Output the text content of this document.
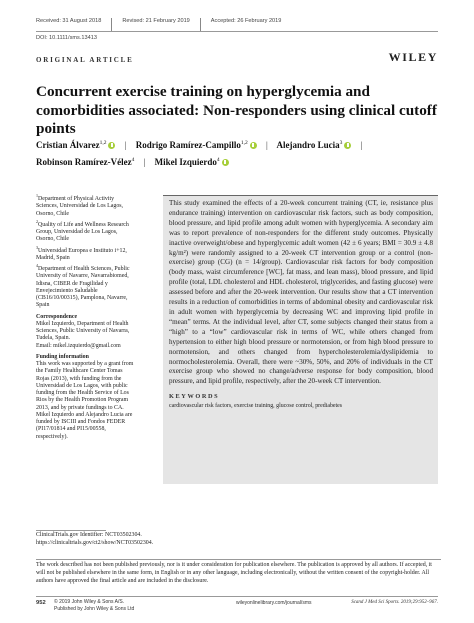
Received: 31 August 2018	Revised: 21 February 2019	Accepted: 26 February 2019
DOI: 10.1111/sms.13413
ORIGINAL ARTICLE	WILEY
Concurrent exercise training on hyperglycemia and comorbidities associated: Non-responders using clinical cutoff points
Cristian Álvarez$^{1,2}$ | Rodrigo Ramírez-Campillo$^{1,2}$ | Alejandro Lucia$^3$ |
Robinson Ramírez-Vélez$^4$ | Mikel Izquierdo$^4$

$^1$Department of Physical Activity Sciences, Universidad de Los Lagos, Osorno, Chile

$^2$Quality of Life and Wellness Research Group, Universidad de Los Lagos, Osorno, Chile

$^3$Universidad Europea e Instituto i+12, Madrid, Spain

$^4$Department of Health Sciences, Public University of Navarre, Navarrabiomed, Idisna, CIBER de Fragilidad y Envejecimiento Saludable (CB16/10/00315), Pamplona, Navarre, Spain

Correspondence

Mikel Izquierdo, Department of Health Sciences, Public University of Navarra, Tudela, Spain.
Email: mikel.izquierdo@gmail.com

Funding information

This work was supported by a grant from the Family Healthcare Center Tomas Rojas (2013), with funding from the Universidad de Los Lagos, with public funding from the Health Service of Los Rios by the Health Promotion Program 2013, and by private fundings to CA. Mikel Izquierdo and Alejandro Lucia are funded by ISCIII and Fondos FEDER (PI17/01814 and PI15/00558, respectively).

This study examined the effects of a 20-week concurrent training (CT, ie, resistance plus endurance training) intervention on cardiovascular risk factors, such as body composition, blood pressure, and lipid profile among adult women with hyperglycemia. A secondary aim was to report prevalence of non-responders for the different study outcomes. Physically inactive overweight/obese and hyperglycemic adult women (42 ± 6 years; BMI = 30.9 ± 4.8 kg/m²) were randomly assigned to a 20-week CT intervention group or a control (non-exercise) group (CG) (n = 14/group). Cardiovascular risk factors for body composition (body mass, waist circumference [WC], fat mass, and lean mass), blood pressure, and lipid profile (total, LDL cholesterol and HDL cholesterol, triglycerides, and fasting glucose) were assessed before and after the 20-week intervention. Our results show that a CT intervention results in a reduction of comorbidities in terms of abdominal obesity and cardiovascular risk in adult women with hyperglycemia by decreasing WC and improving lipid profile in “mean” terms. At the individual level, after CT, some subjects changed their status from a “high” to a “low” cardiovascular risk in terms of WC, while others changed from hypertension to either high blood pressure or normotension, or from high blood pressure to normotension, and others changed from hypercholesterolemia/dyslipidemia to normocholesterolemia. Overall, there were ~30%, 50%, and 20% of individuals in the CT exercise group who showed no change/adverse response for body composition, blood pressure, and lipid profile, respectively, after the 20-week CT intervention.

KEYWORDS

cardiovascular risk factors, exercise training, glucose control, prediabetes

ClinicalTrials.gov Identifier: NCT03502304.
https://clinicaltrials.gov/ct2/show/NCT03502304.

The work described has not been published previously, nor is it under consideration for publication elsewhere. The publication is approved by all authors. If accepted, it will not be published elsewhere in the same form, in English or in any other language, including electronically, without the written consent of the copyright-holder. All authors have approved the final article and are included in the disclosure.

952 © 2019 John Wiley & Sons A/S.
Published by John Wiley & Sons Ltd
wileyonlinelibrary.com/journal/sms	Scand J Med Sci Sports. 2019;29:952–967.
